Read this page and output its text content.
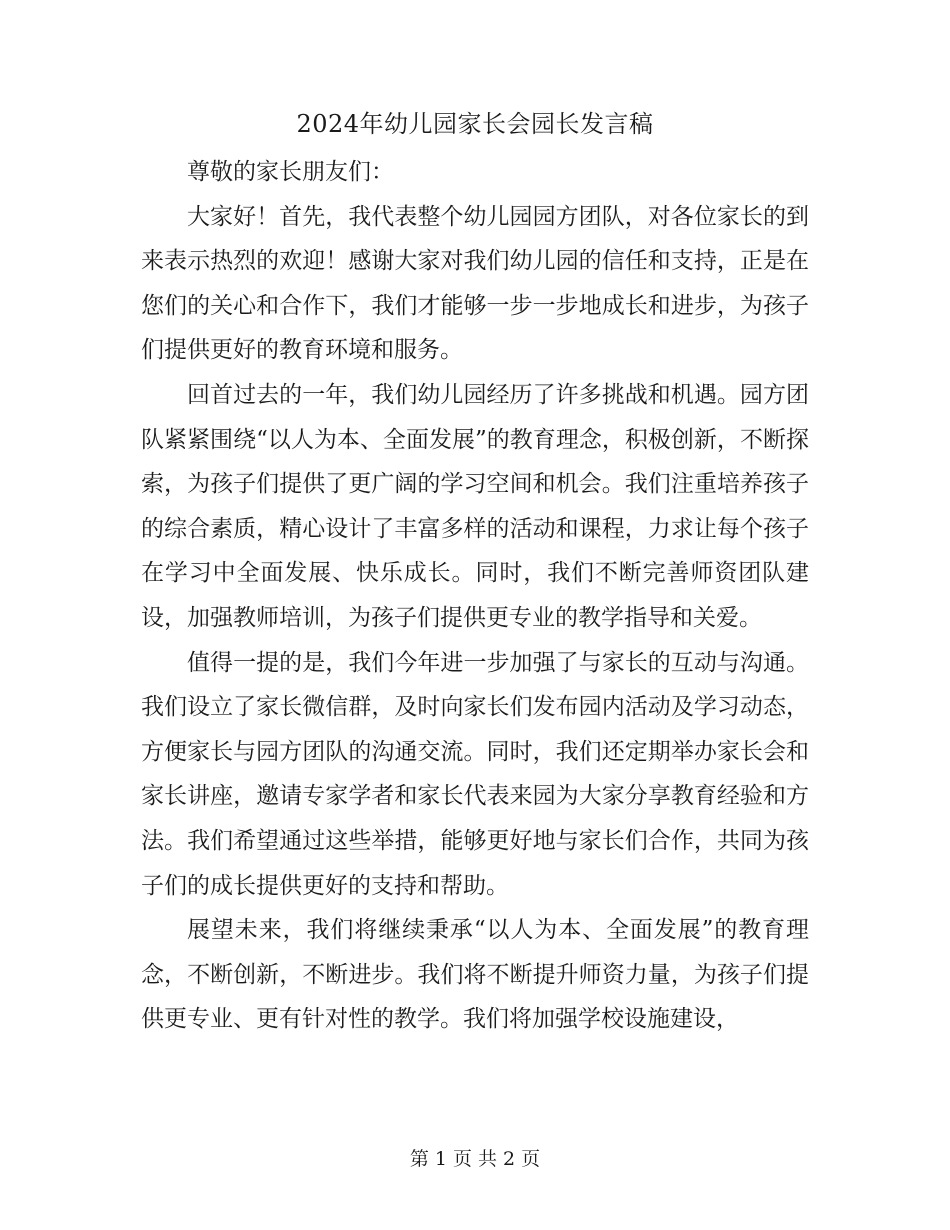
2024年幼儿园家长会园长发言稿

尊敬的家长朋友们：

大家好！首先，我代表整个幼儿园园方团队，对各位家长的到来表示热烈的欢迎！感谢大家对我们幼儿园的信任和支持，正是在您们的关心和合作下，我们才能够一步一步地成长和进步，为孩子们提供更好的教育环境和服务。

回首过去的一年，我们幼儿园经历了许多挑战和机遇。园方团队紧紧围绕“以人为本、全面发展”的教育理念，积极创新，不断探索，为孩子们提供了更广阔的学习空间和机会。我们注重培养孩子的综合素质，精心设计了丰富多样的活动和课程，力求让每个孩子在学习中全面发展、快乐成长。同时，我们不断完善师资团队建设，加强教师培训，为孩子们提供更专业的教学指导和关爱。

值得一提的是，我们今年进一步加强了与家长的互动与沟通。我们设立了家长微信群，及时向家长们发布园内活动及学习动态，方便家长与园方团队的沟通交流。同时，我们还定期举办家长会和家长讲座，邀请专家学者和家长代表来园为大家分享教育经验和方法。我们希望通过这些举措，能够更好地与家长们合作，共同为孩子们的成长提供更好的支持和帮助。

展望未来，我们将继续秉承“以人为本、全面发展”的教育理念，不断创新，不断进步。我们将不断提升师资力量，为孩子们提供更专业、更有针对性的教学。我们将加强学校设施建设，

第 1 页 共 2 页
